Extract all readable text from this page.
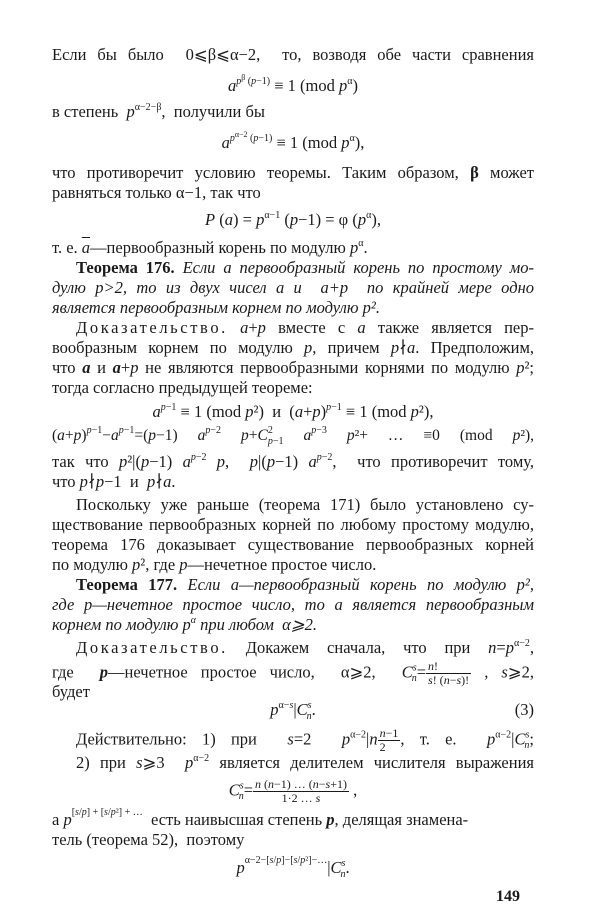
Если бы было  0⩽β⩽α−2,  то, возводя обе части сравнения
$a^{p^\beta (p-1)} \equiv 1$ (mod $p^\alpha$)
в степень  $p^{\alpha-2-\beta}$,  получили бы
$a^{p^{\alpha-2} (p-1)} \equiv 1$ (mod $p^\alpha$),
что противоречит условию теоремы. Таким образом, β может
равняться только α−1, так что
P $(a) = p^{\alpha-1}$ (p−1) = φ $(p^\alpha)$,
т. е. $\overline{a}—первообразный$ корень по модулю $p^\alpha$.
Теорема 176. Если a первообразный корень по простому мо-
дулю p>2, то из двух чисел a и  a+p  по крайней мере одно
является первообразным корнем по модулю p².
Доказательство. a+p вместе с a также является пер-
вообразным корнем по модулю p, причем p∤a. Предположим,
что a и a+p не являются первообразными корнями по модулю p²;
тогда согласно предыдущей теореме:
$a^{p-1} \equiv 1$ (mod p²)  и  $(a+p)^{p-1} \equiv 1$ (mod p²),
$(a+p)^{p-1}-a^{p-1}=(p-1)$ $a^{p-2}$ $p+C^2_{p-1}$ $a^{p-3}$ p²+ … ≡0 (mod p²),
так что p²|(p−1) $a^{p-2}$ p,  p|(p−1) $a^{p-2}$,  что противоречит тому,
что p∤p−1  и  p∤a.
Поскольку уже раньше (теорема 171) было установлено су-
ществование первообразных корней по любому простому модулю,
теорема 176 доказывает существование первообразных корней
по модулю p², где p—нечетное простое число.
Теорема 177. Если a—первообразный корень по модулю p²,
где p—нечетное простое число, то a является первообразным
корнем по модулю $p^\alpha$ при любом  α⩾2.
Доказательство. Докажем сначала, что при $n=p^{\alpha-2}$,
где  p—нечетное простое число,  α⩾2,  $C^s_n= \frac{n!}{s! (n-s)!}$ , s⩾2,
будет
$p^{\alpha-s}|C^s_n$.	(3)
Действительно: 1) при  s=2  $p^{\alpha-2}|n \frac{n-1}{2}$ , т. е.  $p^{\alpha-2}|C^s_n$;
2) при s⩾3  $p^{\alpha-2}$ является делителем числителя выражения
$C^s_n= \frac{n (n-1) \dots (n-s+1)}{1\cdot 2 \dots s}$ ,
а $p^{[s/p] + [s/p^2] + \dots}$  есть наивысшая степень p, делящая знамена-
тель (теорема 52),  поэтому
$p^{\alpha-2-[s/p]-[s/p^2]-\dots}|C^s_n$.
149
